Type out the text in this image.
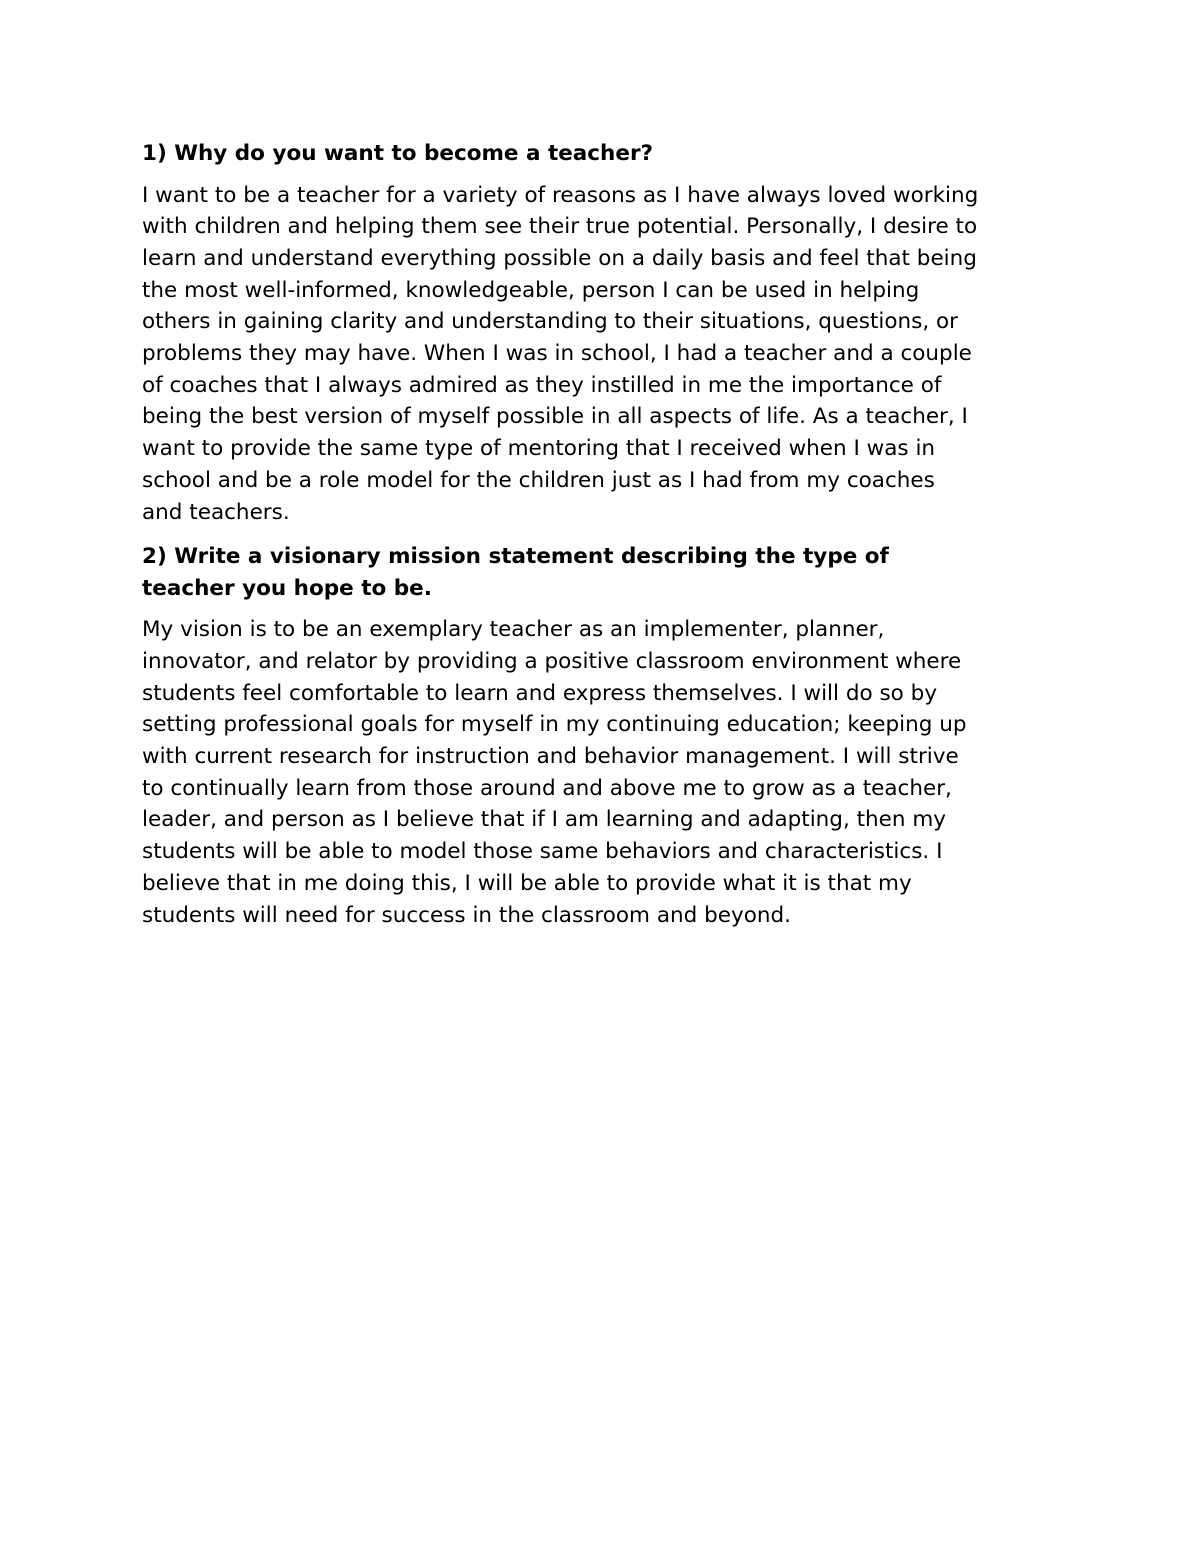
1) Why do you want to become a teacher?
I want to be a teacher for a variety of reasons as I have always loved working
with children and helping them see their true potential. Personally, I desire to
learn and understand everything possible on a daily basis and feel that being
the most well-informed, knowledgeable, person I can be used in helping
others in gaining clarity and understanding to their situations, questions, or
problems they may have. When I was in school, I had a teacher and a couple
of coaches that I always admired as they instilled in me the importance of
being the best version of myself possible in all aspects of life. As a teacher, I
want to provide the same type of mentoring that I received when I was in
school and be a role model for the children just as I had from my coaches
and teachers.
2) Write a visionary mission statement describing the type of
teacher you hope to be.
My vision is to be an exemplary teacher as an implementer, planner,
innovator, and relator by providing a positive classroom environment where
students feel comfortable to learn and express themselves. I will do so by
setting professional goals for myself in my continuing education; keeping up
with current research for instruction and behavior management. I will strive
to continually learn from those around and above me to grow as a teacher,
leader, and person as I believe that if I am learning and adapting, then my
students will be able to model those same behaviors and characteristics. I
believe that in me doing this, I will be able to provide what it is that my
students will need for success in the classroom and beyond.
